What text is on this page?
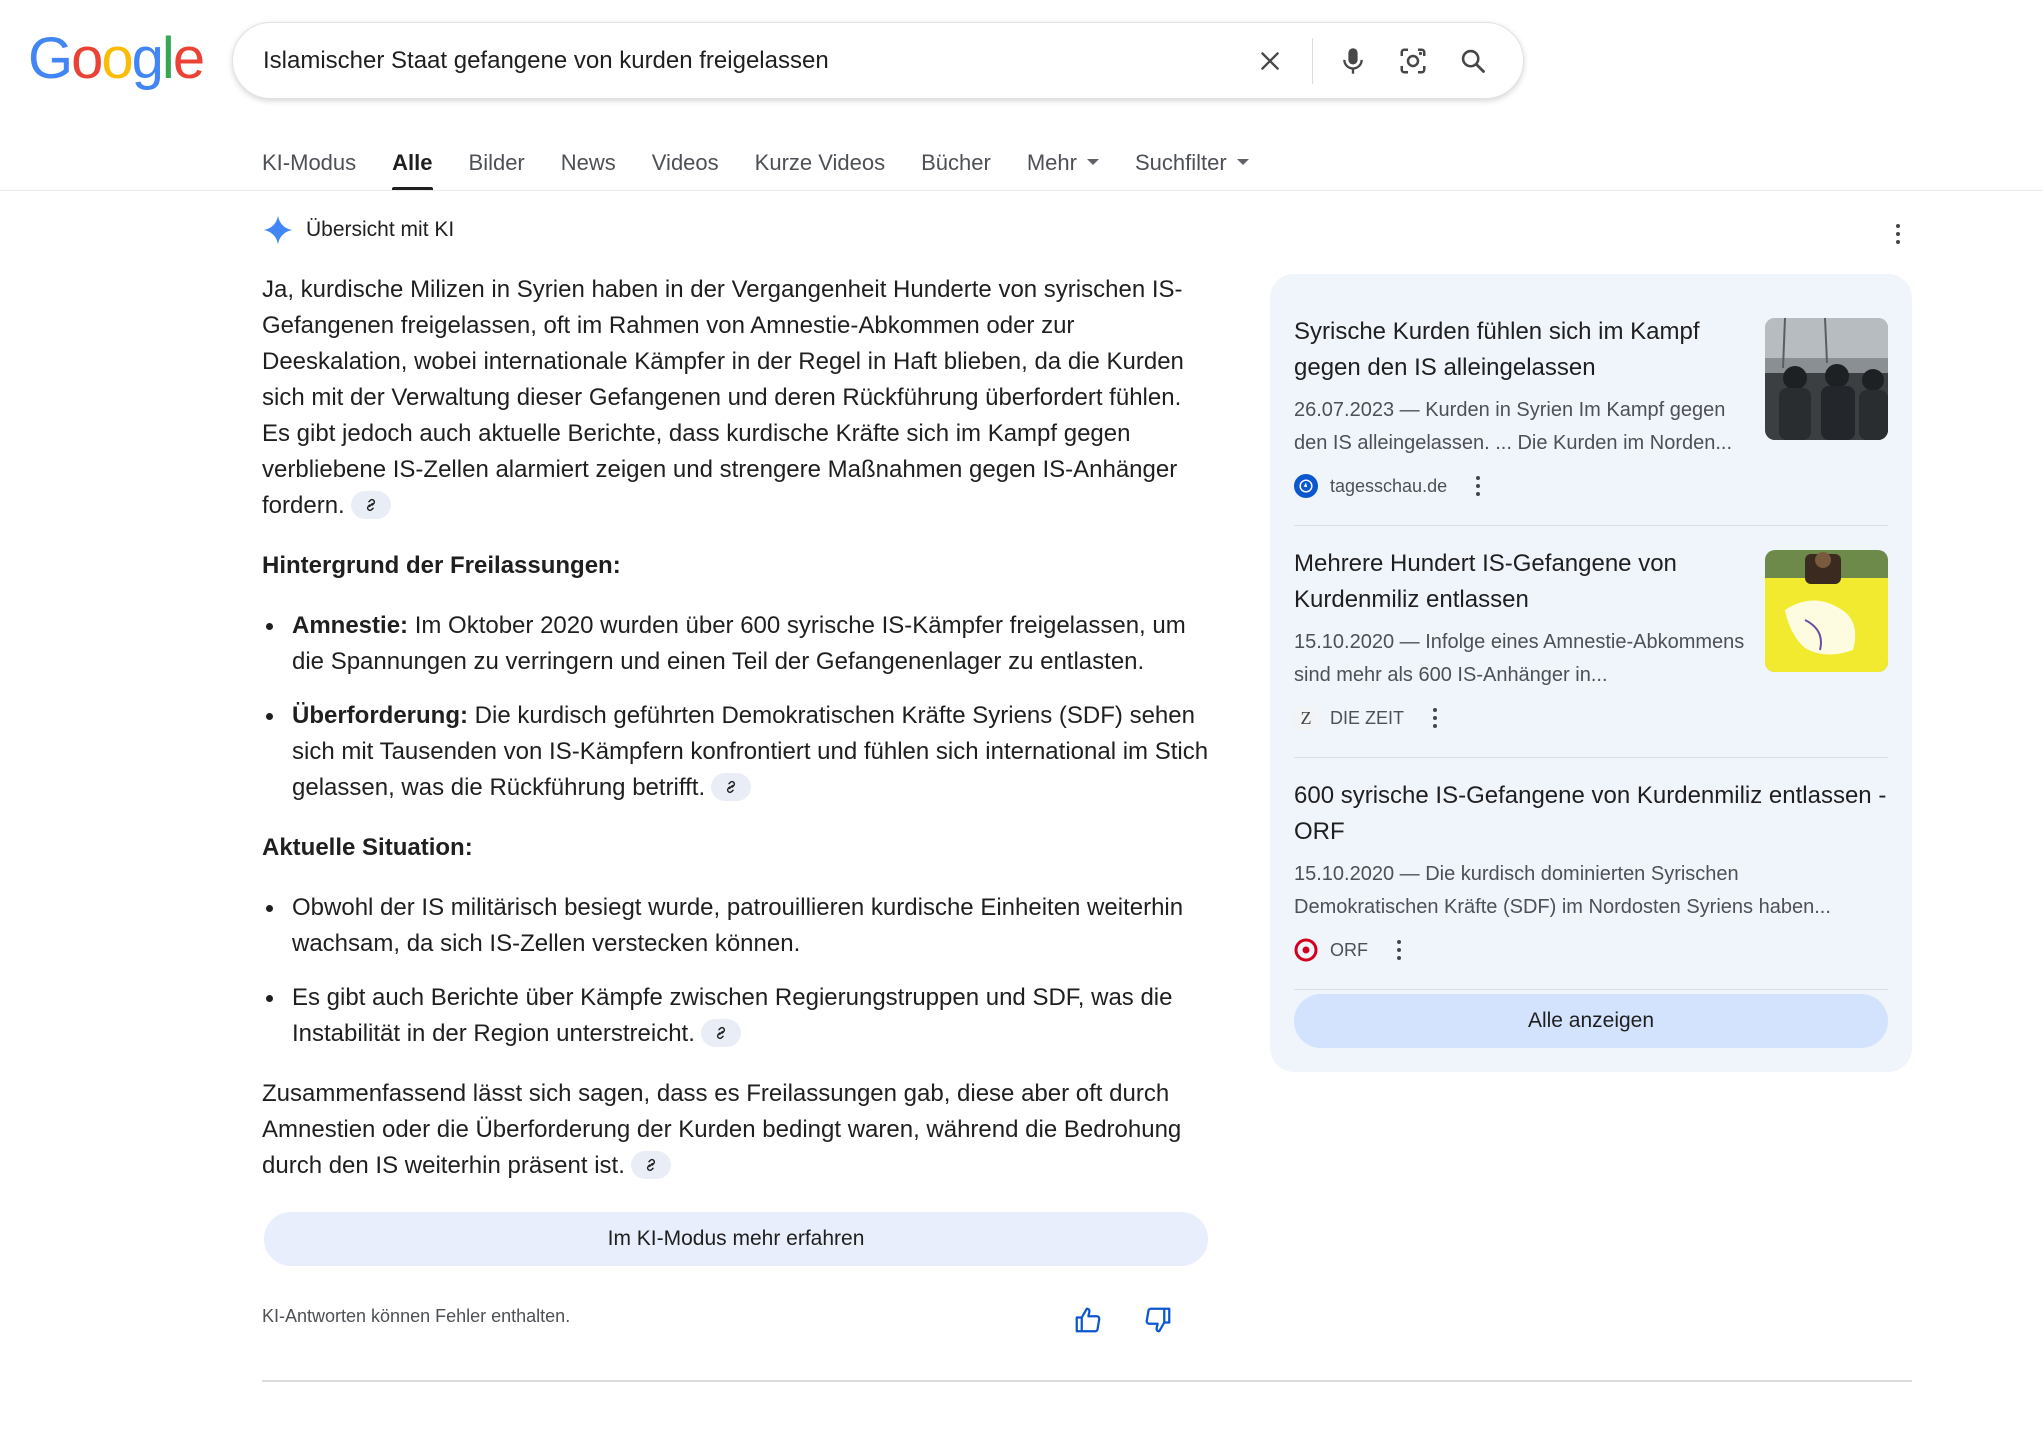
Google Islamischer Staat gefangene von kurden freigelassen
KI-Modus Alle Bilder News Videos Kurze Videos Bücher Mehr	Suchfilter
Übersicht mit KI

Ja, kurdische Milizen in Syrien haben in der Vergangenheit Hunderte von syrischen IS-Gefangenen freigelassen, oft im Rahmen von Amnestie-Abkommen oder zur Deeskalation, wobei internationale Kämpfer in der Regel in Haft blieben, da die Kurden sich mit der Verwaltung dieser Gefangenen und deren Rückführung überfordert fühlen. Es gibt jedoch auch aktuelle Berichte, dass kurdische Kräfte sich im Kampf gegen verbliebene IS-Zellen alarmiert zeigen und strengere Maßnahmen gegen IS-Anhänger fordern.

Hintergrund der Freilassungen:
Amnestie: Im Oktober 2020 wurden über 600 syrische IS-Kämpfer freigelassen, um die Spannungen zu verringern und einen Teil der Gefangenenlager zu entlasten.
Überforderung: Die kurdisch geführten Demokratischen Kräfte Syriens (SDF) sehen sich mit Tausenden von IS-Kämpfern konfrontiert und fühlen sich international im Stich gelassen, was die Rückführung betrifft.
Aktuelle Situation:
Obwohl der IS militärisch besiegt wurde, patrouillieren kurdische Einheiten weiterhin wachsam, da sich IS-Zellen verstecken können.
Es gibt auch Berichte über Kämpfe zwischen Regierungstruppen und SDF, was die Instabilität in der Region unterstreicht.

Zusammenfassend lässt sich sagen, dass es Freilassungen gab, diese aber oft durch Amnestien oder die Überforderung der Kurden bedingt waren, während die Bedrohung durch den IS weiterhin präsent ist.

Im KI-Modus mehr erfahren
KI-Antworten können Fehler enthalten.
Syrische Kurden fühlen sich im Kampf gegen den IS alleingelassen
26.07.2023 — Kurden in Syrien Im Kampf gegen den IS alleingelassen. ... Die Kurden im Norden...
tagesschau.de
Mehrere Hundert IS-Gefangene von Kurdenmiliz entlassen
15.10.2020 — Infolge eines Amnestie-Abkommens sind mehr als 600 IS-Anhänger in...
Z	DIE ZEIT
600 syrische IS-Gefangene von Kurdenmiliz entlassen - ORF
15.10.2020 — Die kurdisch dominierten Syrischen Demokratischen Kräfte (SDF) im Nordosten Syriens haben...
ORF
Alle anzeigen
